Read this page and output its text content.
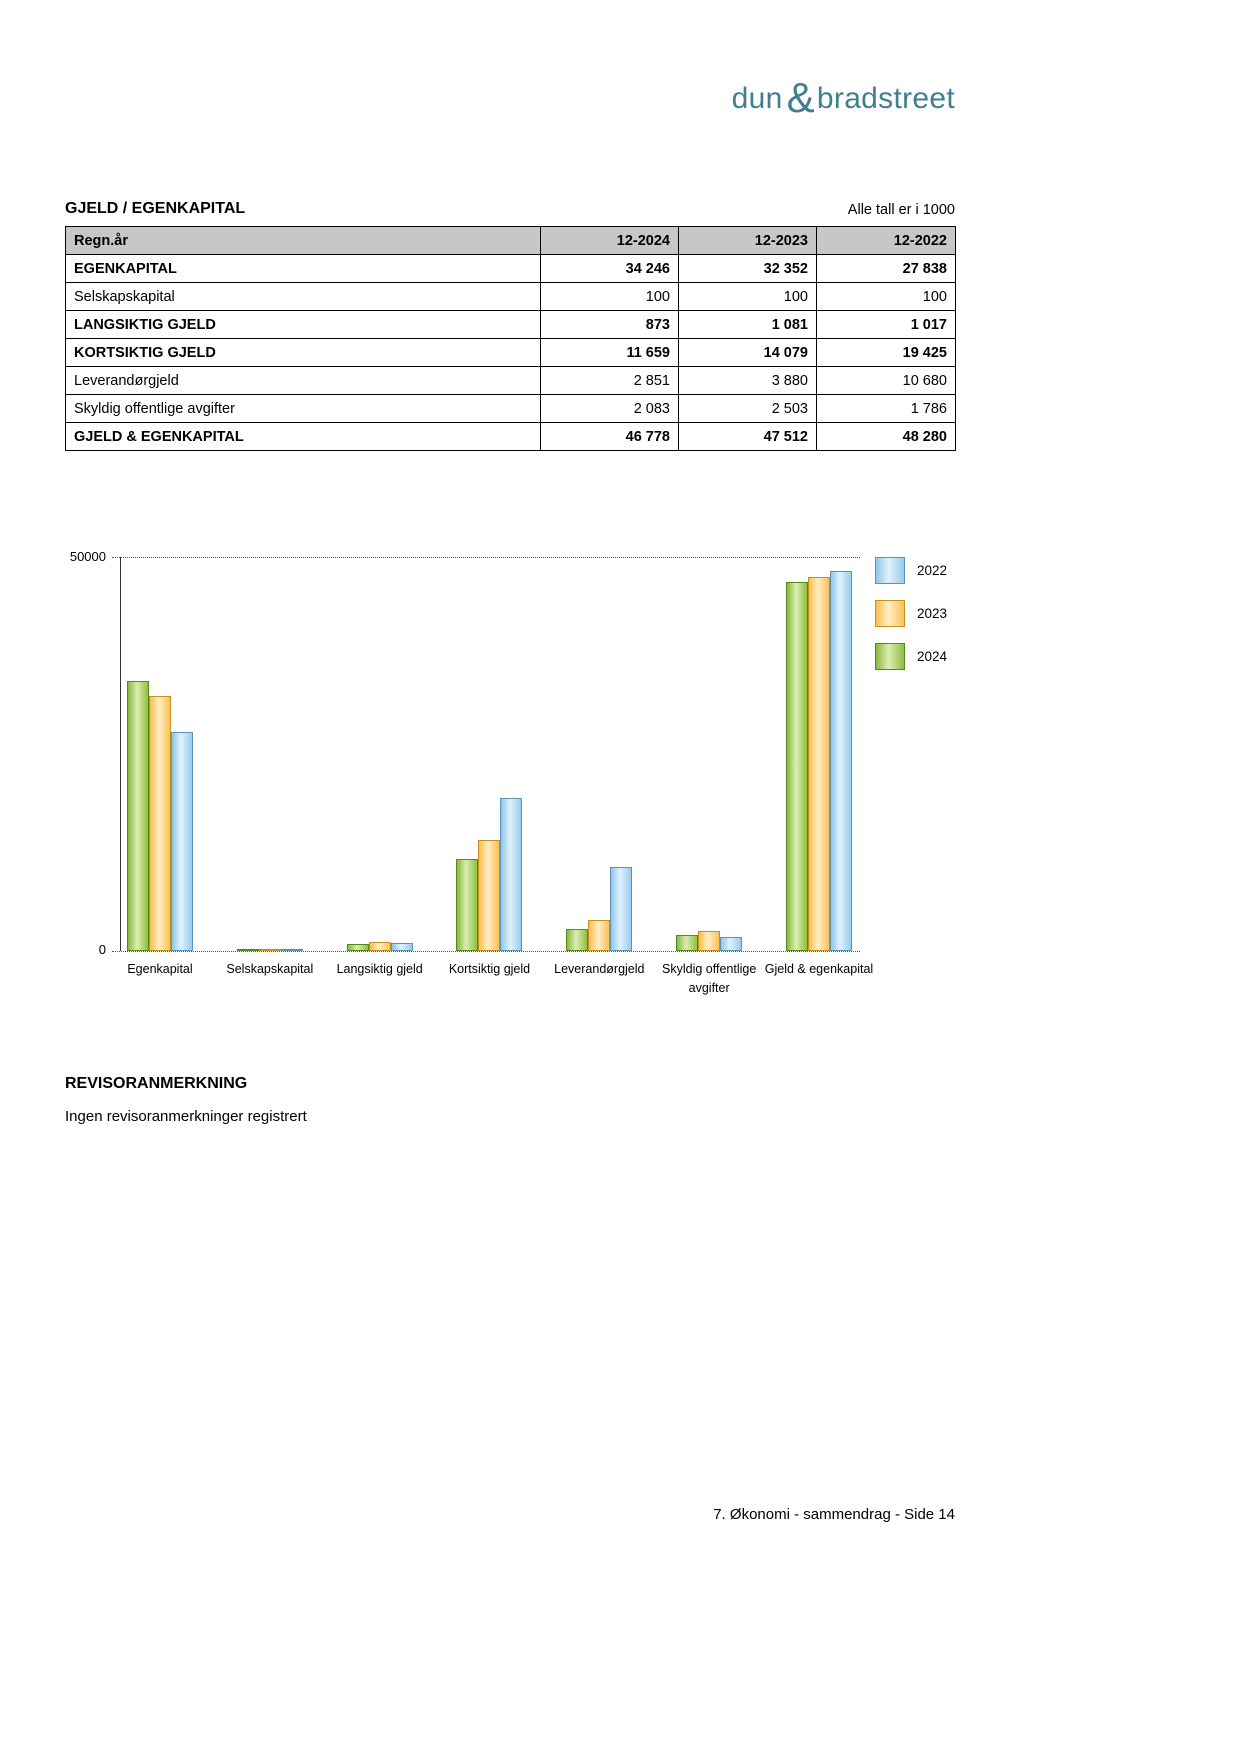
dun & bradstreet
GJELD / EGENKAPITAL	Alle tall er i 1000
Regn.år	12-2024	12-2023	12-2022
EGENKAPITAL	34 246	32 352	27 838
Selskapskapital	100	100	100
LANGSIKTIG GJELD	873	1 081	1 017
KORTSIKTIG GJELD	11 659	14 079	19 425
Leverandørgjeld	2 851	3 880	10 680
Skyldig offentlige avgifter	2 083	2 503	1 786
GJELD & EGENKAPITAL	46 778	47 512	48 280
50000
Egenkapital	Selskapskapital	Langsiktig gjeld	Kortsiktig gjeld	Leverandørgjeld	Skyldig offentlige avgifter
Gjeld & egenkapital
0
2022
2023
2024
REVISORANMERKNING
Ingen revisoranmerkninger registrert
7. Økonomi - sammendrag - Side 14
